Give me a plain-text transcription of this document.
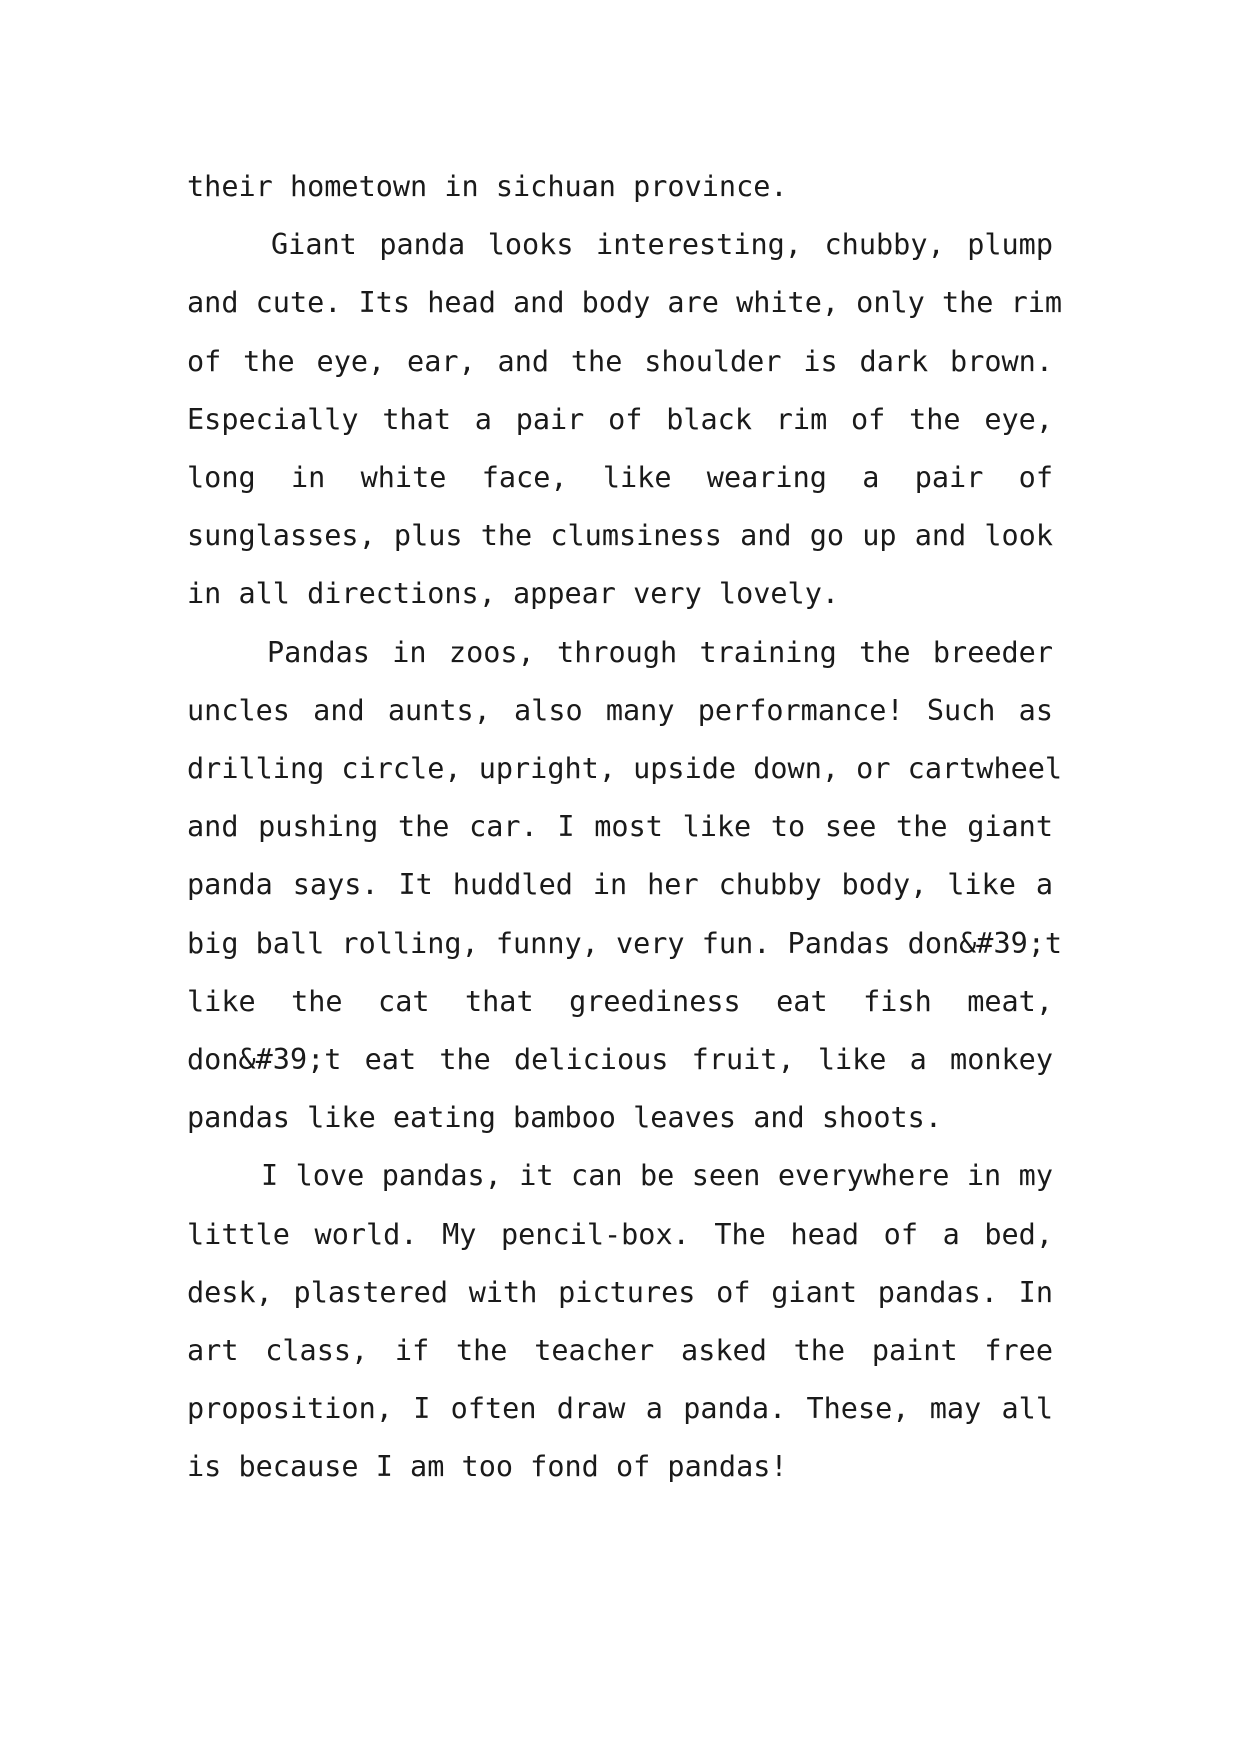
their hometown in sichuan province.
Giant panda looks interesting, chubby, plump
and cute. Its head and body are white, only the rim
of the eye, ear, and the shoulder is dark brown.
Especially that a pair of black rim of the eye,
long in white face, like wearing a pair of
sunglasses, plus the clumsiness and go up and look
in all directions, appear very lovely.
Pandas in zoos, through training the breeder
uncles and aunts, also many performance! Such as
drilling circle, upright, upside down, or cartwheel
and pushing the car. I most like to see the giant
panda says. It huddled in her chubby body, like a
big ball rolling, funny, very fun. Pandas don&#39;t
like the cat that greediness eat fish meat,
don&#39;t eat the delicious fruit, like a monkey
pandas like eating bamboo leaves and shoots.
I love pandas, it can be seen everywhere in my
little world. My pencil-box. The head of a bed,
desk, plastered with pictures of giant pandas. In
art class, if the teacher asked the paint free
proposition, I often draw a panda. These, may all
is because I am too fond of pandas!
